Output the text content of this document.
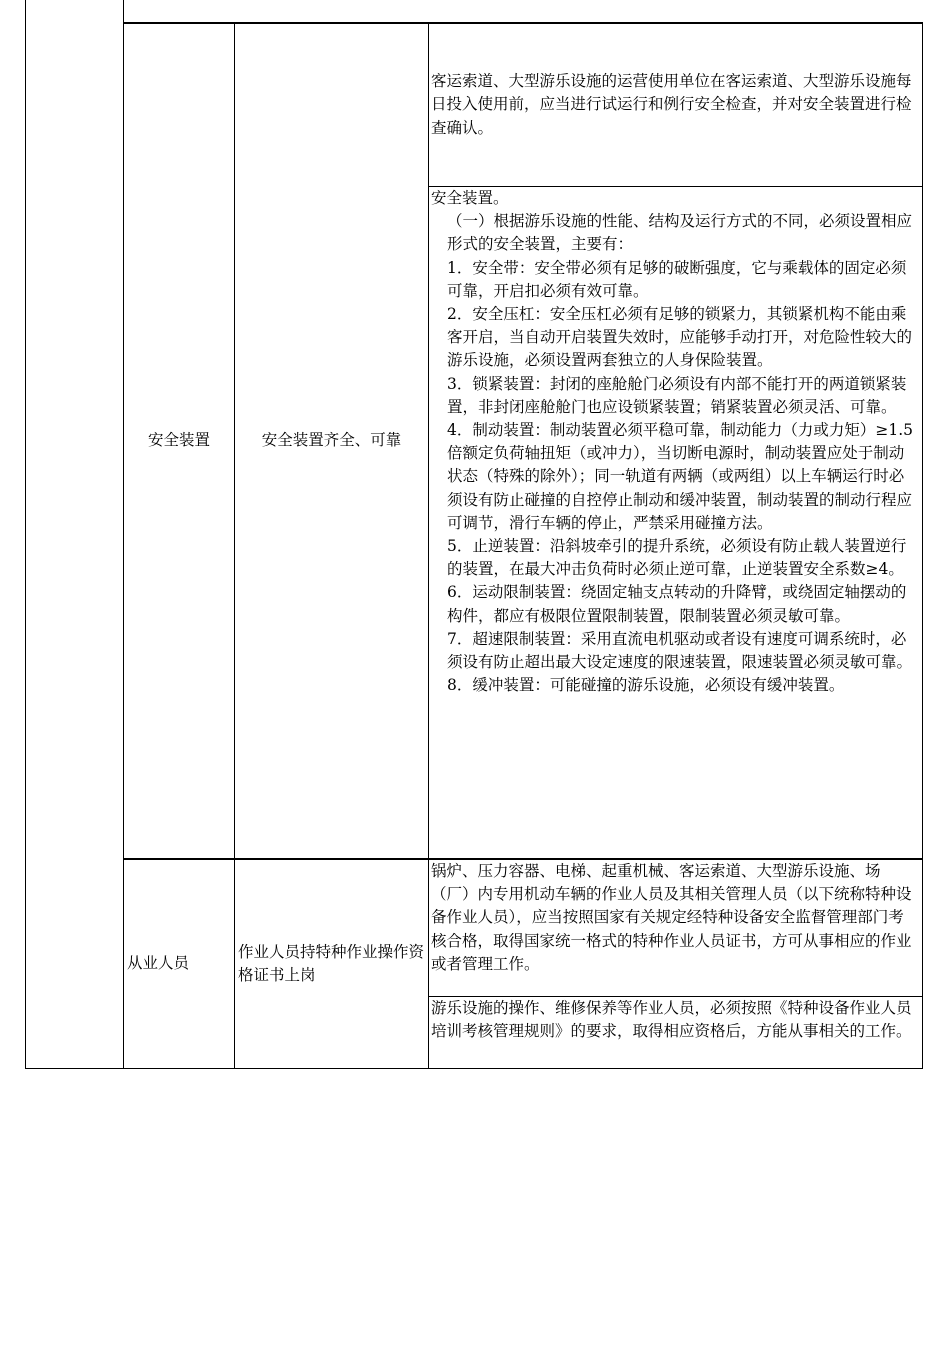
安全装置	安全装置齐全、可靠
客运索道、大型游乐设施的运营使用单位在客运索道、大型游乐设施每日投入使用前，应当进行试运行和例行安全检查，并对安全装置进行检查确认。
安全装置。
（一）根据游乐设施的性能、结构及运行方式的不同，必须设置相应形式的安全装置，主要有：
1．安全带：安全带必须有足够的破断强度，它与乘载体的固定必须可靠，开启扣必须有效可靠。
2．安全压杠：安全压杠必须有足够的锁紧力，其锁紧机构不能由乘客开启，当自动开启装置失效时，应能够手动打开，对危险性较大的游乐设施，必须设置两套独立的人身保险装置。
3．锁紧装置：封闭的座舱舱门必须设有内部不能打开的两道锁紧装置，非封闭座舱舱门也应设锁紧装置；销紧装置必须灵活、可靠。
4．制动装置：制动装置必须平稳可靠，制动能力（力或力矩）≥1.5倍额定负荷轴扭矩（或冲力），当切断电源时，制动装置应处于制动状态（特殊的除外）；同一轨道有两辆（或两组）以上车辆运行时必须设有防止碰撞的自控停止制动和缓冲装置，制动装置的制动行程应可调节，滑行车辆的停止，严禁采用碰撞方法。
5．止逆装置：沿斜坡牵引的提升系统，必须设有防止载人装置逆行的装置，在最大冲击负荷时必须止逆可靠，止逆装置安全系数≥4。
6．运动限制装置：绕固定轴支点转动的升降臂，或绕固定轴摆动的构件，都应有极限位置限制装置，限制装置必须灵敏可靠。
7．超速限制装置：采用直流电机驱动或者设有速度可调系统时，必须设有防止超出最大设定速度的限速装置，限速装置必须灵敏可靠。
8．缓冲装置：可能碰撞的游乐设施，必须设有缓冲装置。
从业人员
作业人员持特种作业操作资格证书上岗
锅炉、压力容器、电梯、起重机械、客运索道、大型游乐设施、场（厂）内专用机动车辆的作业人员及其相关管理人员（以下统称特种设备作业人员），应当按照国家有关规定经特种设备安全监督管理部门考核合格，取得国家统一格式的特种作业人员证书，方可从事相应的作业或者管理工作。
游乐设施的操作、维修保养等作业人员，必须按照《特种设备作业人员培训考核管理规则》的要求，取得相应资格后，方能从事相关的工作。
